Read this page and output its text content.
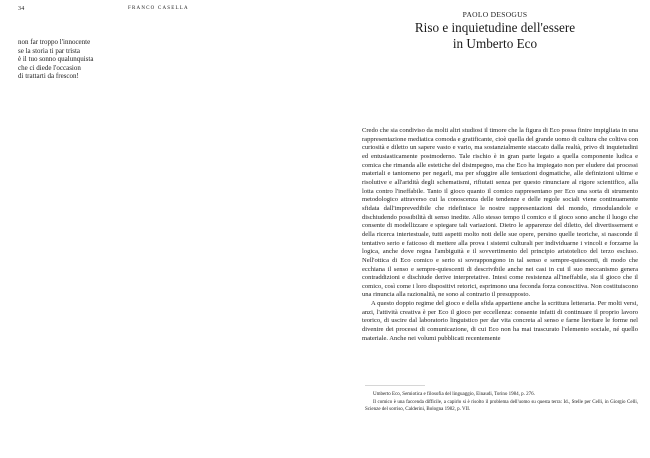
34	FRANCO CASELLA
non far troppo l'innocente
se la storia ti par trista
è il tuo sonno qualunquista
che ci diede l'occasion
di trattarti da frescon!
PAOLO DESOGUS
Riso e inquietudine dell'essere
in Umberto Eco

Credo che sia condiviso da molti altri studiosi il timore che la figura di Eco possa finire impigliata in una rappresentazione mediatica comoda e gratificante, cioè quella del grande uomo di cultura che coltiva con curiosità e diletto un sapere vasto e vario, ma sostanzialmente staccato dalla realtà, privo di inquietudini ed entusiasticamente postmoderno. Tale rischio è in gran parte legato a quella componente ludica e comica che rimanda alle estetiche del disimpegno, ma che Eco ha impiegato non per eludere dai processi materiali e tantomeno per negarli, ma per sfuggire alle tentazioni dogmatiche, alle definizioni ultime e risolutive e all'aridità degli schematismi, rifiutati senza per questo rinunciare al rigore scientifico, alla lotta contro l'ineffabile. Tanto il gioco quanto il comico rappresentano per Eco una sorta di strumento metodologico attraverso cui la conoscenza delle tendenze e delle regole sociali viene continuamente sfidata dall'imprevedibile che ridefinisce le nostre rappresentazioni del mondo, rimodulandole e dischiudendo possibilità di senso inedite. Allo stesso tempo il comico e il gioco sono anche il luogo che consente di modellizzare e spiegare tali variazioni. Dietro le apparenze del diletto, del divertissement e della ricerca intertestuale, tutti aspetti molto noti delle sue opere, persino quelle teoriche, si nasconde il tentativo serio e faticoso di mettere alla prova i sistemi culturali per individuarne i vincoli e forzarne la logica, anche dove regna l'ambiguità e il sovvertimento del principio aristotelico del terzo escluso. Nell'ottica di Eco comico e serio si sovrappongono in tal senso e sempre-quiescenti, di modo che ecchiana il senso e sempre-quiescenti di descrivibile anche nei casi in cui il suo meccanismo genera contraddizioni e dischiude derive interpretative. Intesi come resistenza all'ineffabile, sia il gioco che il comico, così come i loro dispositivi retorici, esprimono una feconda forza conoscitiva. Non costituiscono una rinuncia alla razionalità, ne sono al contrario il presupposto.

A questo doppio regime del gioco e della sfida appartiene anche la scrittura letteraria. Per molti versi, anzi, l'attività creativa è per Eco il gioco per eccellenza: consente infatti di continuare il proprio lavoro teorico, di uscire dal laboratorio linguistico per dar vita concreta al senso e farne lievitare le forme nel divenire dei processi di comunicazione, di cui Eco non ha mai trascurato l'elemento sociale, né quello materiale. Anche nei volumi pubblicati recentemente

Umberto Eco, Semiotica e filosofia del linguaggio, Einaudi, Torino 1984, p. 276.

Il comico è una faccenda difficile, a capirlo si è risolto il problema dell'uomo su questa terra: Id., Stelle per Celli, in Giorgio Celli, Scienze del sorriso, Calderini, Bologna 1982, p. VII.
